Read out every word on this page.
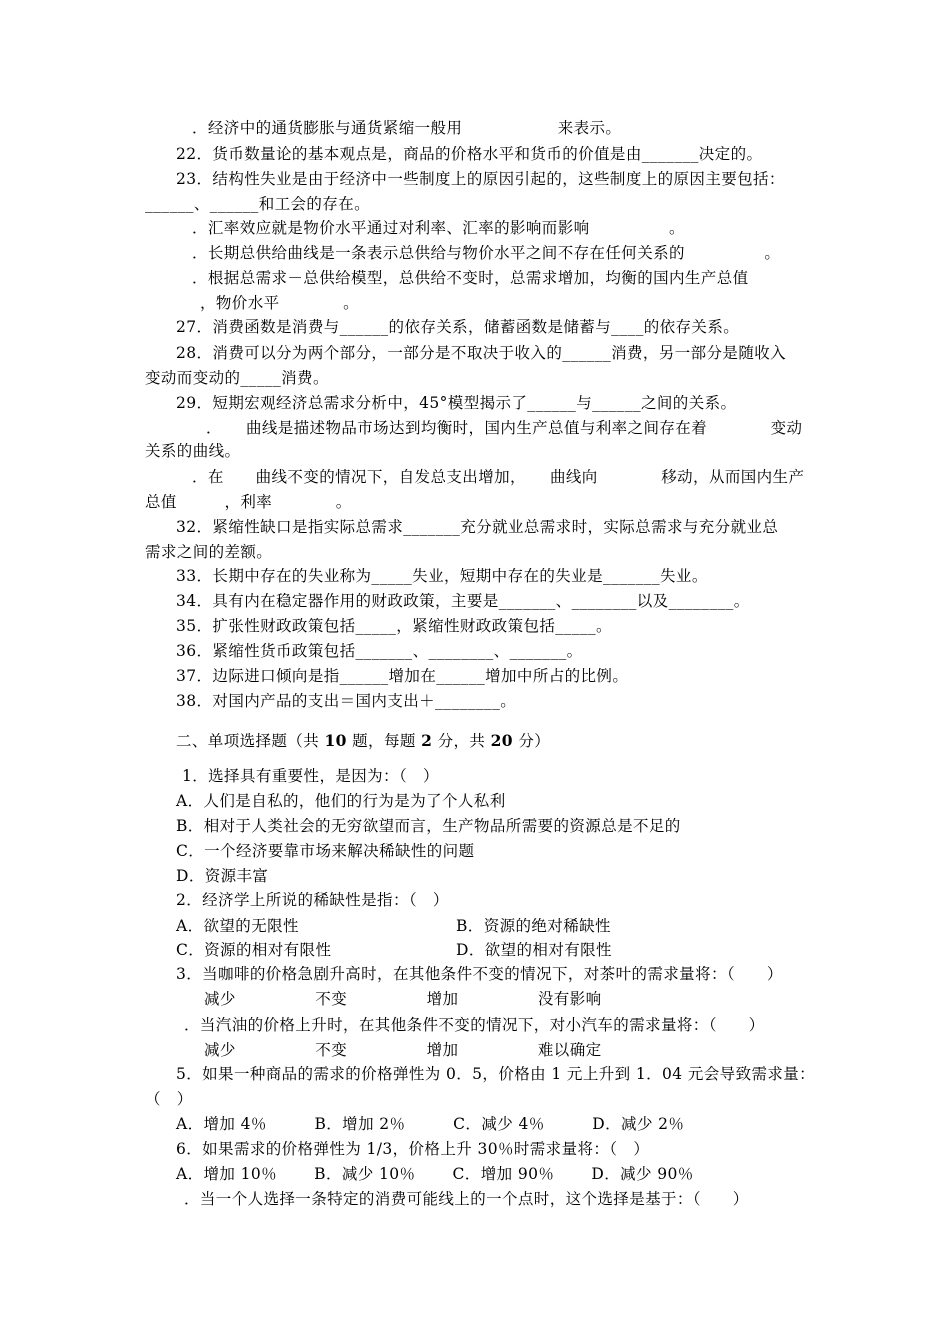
．经济中的通货膨胀与通货紧缩一般用　　　　　　来表示。
22．货币数量论的基本观点是，商品的价格水平和货币的价值是由_______决定的。
23．结构性失业是由于经济中一些制度上的原因引起的，这些制度上的原因主要包括：
______、______和工会的存在。
．汇率效应就是物价水平通过对利率、汇率的影响而影响　　　　　。
．长期总供给曲线是一条表示总供给与物价水平之间不存在任何关系的　　　　　。
．根据总需求－总供给模型，总供给不变时，总需求增加，均衡的国内生产总值
，物价水平　　　　。
27．消费函数是消费与______的依存关系，储蓄函数是储蓄与____的依存关系。
28．消费可以分为两个部分，一部分是不取决于收入的______消费，另一部分是随收入
变动而变动的_____消费。
29．短期宏观经济总需求分析中，45°模型揭示了______与______之间的关系。
．　　曲线是描述物品市场达到均衡时，国内生产总值与利率之间存在着　　　　变动
关系的曲线。
．在　　曲线不变的情况下，自发总支出增加，　　曲线向　　　　移动，从而国内生产
总值　　　，利率　　　　。
32．紧缩性缺口是指实际总需求_______充分就业总需求时，实际总需求与充分就业总
需求之间的差额。
33．长期中存在的失业称为_____失业，短期中存在的失业是_______失业。
34．具有内在稳定器作用的财政政策，主要是_______、________以及________。
35．扩张性财政政策包括_____，紧缩性财政政策包括_____。
36．紧缩性货币政策包括_______、________、_______。
37．边际进口倾向是指______增加在______增加中所占的比例。
38．对国内产品的支出＝国内支出＋________。
二、单项选择题（共 10 题，每题 2 分，共 20 分）
1．选择具有重要性，是因为：（　）
A．人们是自私的，他们的行为是为了个人私利
B．相对于人类社会的无穷欲望而言，生产物品所需要的资源总是不足的
C．一个经济要靠市场来解决稀缺性的问题
D．资源丰富
2．经济学上所说的稀缺性是指：（　）
A．欲望的无限性	B．资源的绝对稀缺性
C．资源的相对有限性	D．欲望的相对有限性
3．当咖啡的价格急剧升高时，在其他条件不变的情况下，对茶叶的需求量将：（　　）
减少　　　　　不变　　　　　增加　　　　　没有影响
．当汽油的价格上升时，在其他条件不变的情况下，对小汽车的需求量将：（　　）
减少　　　　　不变　　　　　增加　　　　　难以确定
5．如果一种商品的需求的价格弹性为 0．5，价格由 1 元上升到 1．04 元会导致需求量：
（　）
A．增加 4％　　　B．增加 2％　　　C．减少 4％　　　D．减少 2％
6．如果需求的价格弹性为 1/3，价格上升 30％时需求量将：（　）
A．增加 10％　　 B．减少 10％　　 C．增加 90％　　 D．减少 90％
．当一个人选择一条特定的消费可能线上的一个点时，这个选择是基于：（　　）
